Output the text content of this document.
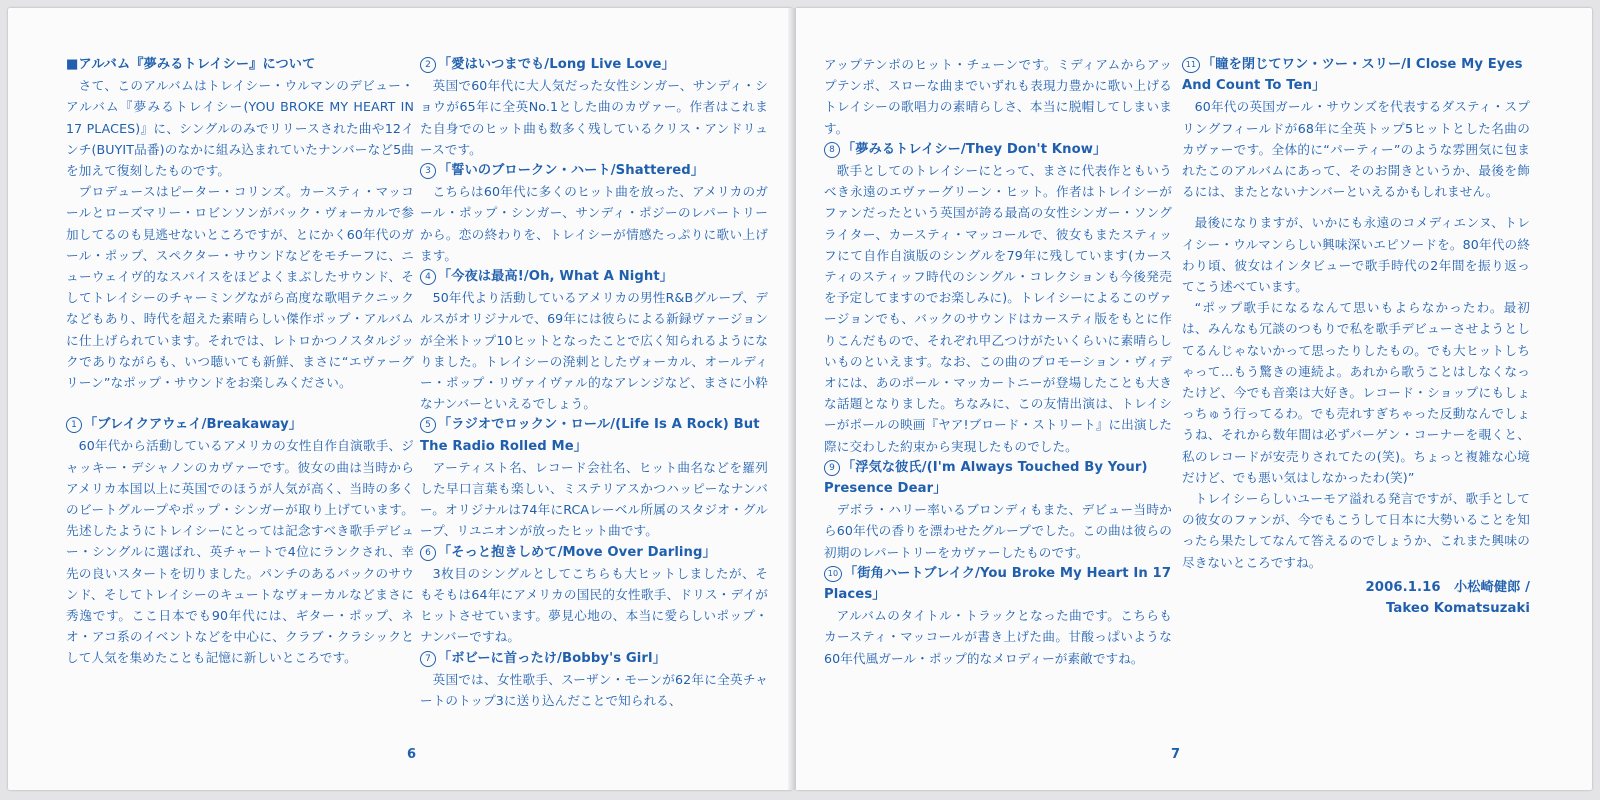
■アルバム『夢みるトレイシー』について

さて、このアルバムはトレイシー・ウルマンのデビュー・アルバム『夢みるトレイシー(YOU BROKE MY HEART IN 17 PLACES)』に、シングルのみでリリースされた曲や12インチ(BUYIT品番)のなかに組み込まれていたナンバーなど5曲を加えて復刻したものです。

プロデュースはピーター・コリンズ。カースティ・マッコールとローズマリー・ロビンソンがバック・ヴォーカルで参加してるのも見逃せないところですが、とにかく60年代のガール・ポップ、スペクター・サウンドなどをモチーフに、ニューウェイヴ的なスパイスをほどよくまぶしたサウンド、そしてトレイシーのチャーミングながら高度な歌唱テクニックなどもあり、時代を超えた素晴らしい傑作ポップ・アルバムに仕上げられています。それでは、レトロかつノスタルジックでありながらも、いつ聴いても新鮮、まさに“エヴァーグリーン”なポップ・サウンドをお楽しみください。

1 「ブレイクアウェイ/Breakaway」

60年代から活動しているアメリカの女性自作自演歌手、ジャッキー・デシャノンのカヴァーです。彼女の曲は当時からアメリカ本国以上に英国でのほうが人気が高く、当時の多くのビートグループやポップ・シンガーが取り上げています。先述したようにトレイシーにとっては記念すべき歌手デビュー・シングルに選ばれ、英チャートで4位にランクされ、幸先の良いスタートを切りました。パンチのあるバックのサウンド、そしてトレイシーのキュートなヴォーカルなどまさに秀逸です。ここ日本でも90年代には、ギター・ポップ、ネオ・アコ系のイベントなどを中心に、クラブ・クラシックとして人気を集めたことも記憶に新しいところです。

2 「愛はいつまでも/Long Live Love」

英国で60年代に大人気だった女性シンガー、サンディ・ショウが65年に全英No.1とした曲のカヴァー。作者はこれまた自身でのヒット曲も数多く残しているクリス・アンドリュースです。

3 「誓いのブロークン・ハート/Shattered」

こちらは60年代に多くのヒット曲を放った、アメリカのガール・ポップ・シンガー、サンディ・ポジーのレパートリーから。恋の終わりを、トレイシーが情感たっぷりに歌い上げます。

4 「今夜は最高!/Oh, What A Night」

50年代より活動しているアメリカの男性R&Bグループ、デルスがオリジナルで、69年には彼らによる新録ヴァージョンが全米トップ10ヒットとなったことで広く知られるようになりました。トレイシーの溌剌としたヴォーカル、オールディー・ポップ・リヴァイヴァル的なアレンジなど、まさに小粋なナンバーといえるでしょう。

5 「ラジオでロックン・ロール/(Life Is A Rock) But The Radio Rolled Me」

アーティスト名、レコード会社名、ヒット曲名などを羅列した早口言葉も楽しい、ミステリアスかつハッピーなナンバー。オリジナルは74年にRCAレーベル所属のスタジオ・グループ、リユニオンが放ったヒット曲です。

6 「そっと抱きしめて/Move Over Darling」

3枚目のシングルとしてこちらも大ヒットしましたが、そもそもは64年にアメリカの国民的女性歌手、ドリス・デイがヒットさせています。夢見心地の、本当に愛らしいポップ・ナンバーですね。

7 「ボビーに首ったけ/Bobby's Girl」

英国では、女性歌手、スーザン・モーンが62年に全英チャートのトップ3に送り込んだことで知られる、

6

アップテンポのヒット・チューンです。ミディアムからアップテンポ、スローな曲までいずれも表現力豊かに歌い上げるトレイシーの歌唱力の素晴らしさ、本当に脱帽してしまいます。

8 「夢みるトレイシー/They Don't Know」

歌手としてのトレイシーにとって、まさに代表作ともいうべき永遠のエヴァーグリーン・ヒット。作者はトレイシーがファンだったという英国が誇る最高の女性シンガー・ソングライター、カースティ・マッコールで、彼女もまたスティッフにて自作自演版のシングルを79年に残しています(カースティのスティッフ時代のシングル・コレクションも今後発売を予定してますのでお楽しみに)。トレイシーによるこのヴァージョンでも、バックのサウンドはカースティ版をもとに作りこんだもので、それぞれ甲乙つけがたいくらいに素晴らしいものといえます。なお、この曲のプロモーション・ヴィデオには、あのポール・マッカートニーが登場したことも大きな話題となりました。ちなみに、この友情出演は、トレイシーがポールの映画『ヤア!ブロード・ストリート』に出演した際に交わした約束から実現したものでした。

9 「浮気な彼氏/(I'm Always Touched By Your) Presence Dear」

デボラ・ハリー率いるブロンディもまた、デビュー当時から60年代の香りを漂わせたグループでした。この曲は彼らの初期のレパートリーをカヴァーしたものです。

10 「街角ハートブレイク/You Broke My Heart In 17 Places」

アルバムのタイトル・トラックとなった曲です。こちらもカースティ・マッコールが書き上げた曲。甘酸っぱいような60年代風ガール・ポップ的なメロディーが素敵ですね。

11 「瞳を閉じてワン・ツー・スリー/I Close My Eyes And Count To Ten」

60年代の英国ガール・サウンズを代表するダスティ・スプリングフィールドが68年に全英トップ5ヒットとした名曲のカヴァーです。全体的に“パーティー”のような雰囲気に包まれたこのアルバムにあって、そのお開きというか、最後を飾るには、またとないナンバーといえるかもしれません。

最後になりますが、いかにも永遠のコメディエンヌ、トレイシー・ウルマンらしい興味深いエピソードを。80年代の終わり頃、彼女はインタビューで歌手時代の2年間を振り返ってこう述べています。

“ポップ歌手になるなんて思いもよらなかったわ。最初は、みんなも冗談のつもりで私を歌手デビューさせようとしてるんじゃないかって思ったりしたもの。でも大ヒットしちゃって…もう驚きの連続よ。あれから歌うことはしなくなったけど、今でも音楽は大好き。レコード・ショップにもしょっちゅう行ってるわ。でも売れすぎちゃった反動なんでしょうね、それから数年間は必ずバーゲン・コーナーを覗くと、私のレコードが安売りされてたの(笑)。ちょっと複雑な心境だけど、でも悪い気はしなかったわ(笑)”

トレイシーらしいユーモア溢れる発言ですが、歌手としての彼女のファンが、今でもこうして日本に大勢いることを知ったら果たしてなんて答えるのでしょうか、これまた興味の尽きないところですね。

2006.1.16　小松崎健郎 /
Takeo Komatsuzaki
7
